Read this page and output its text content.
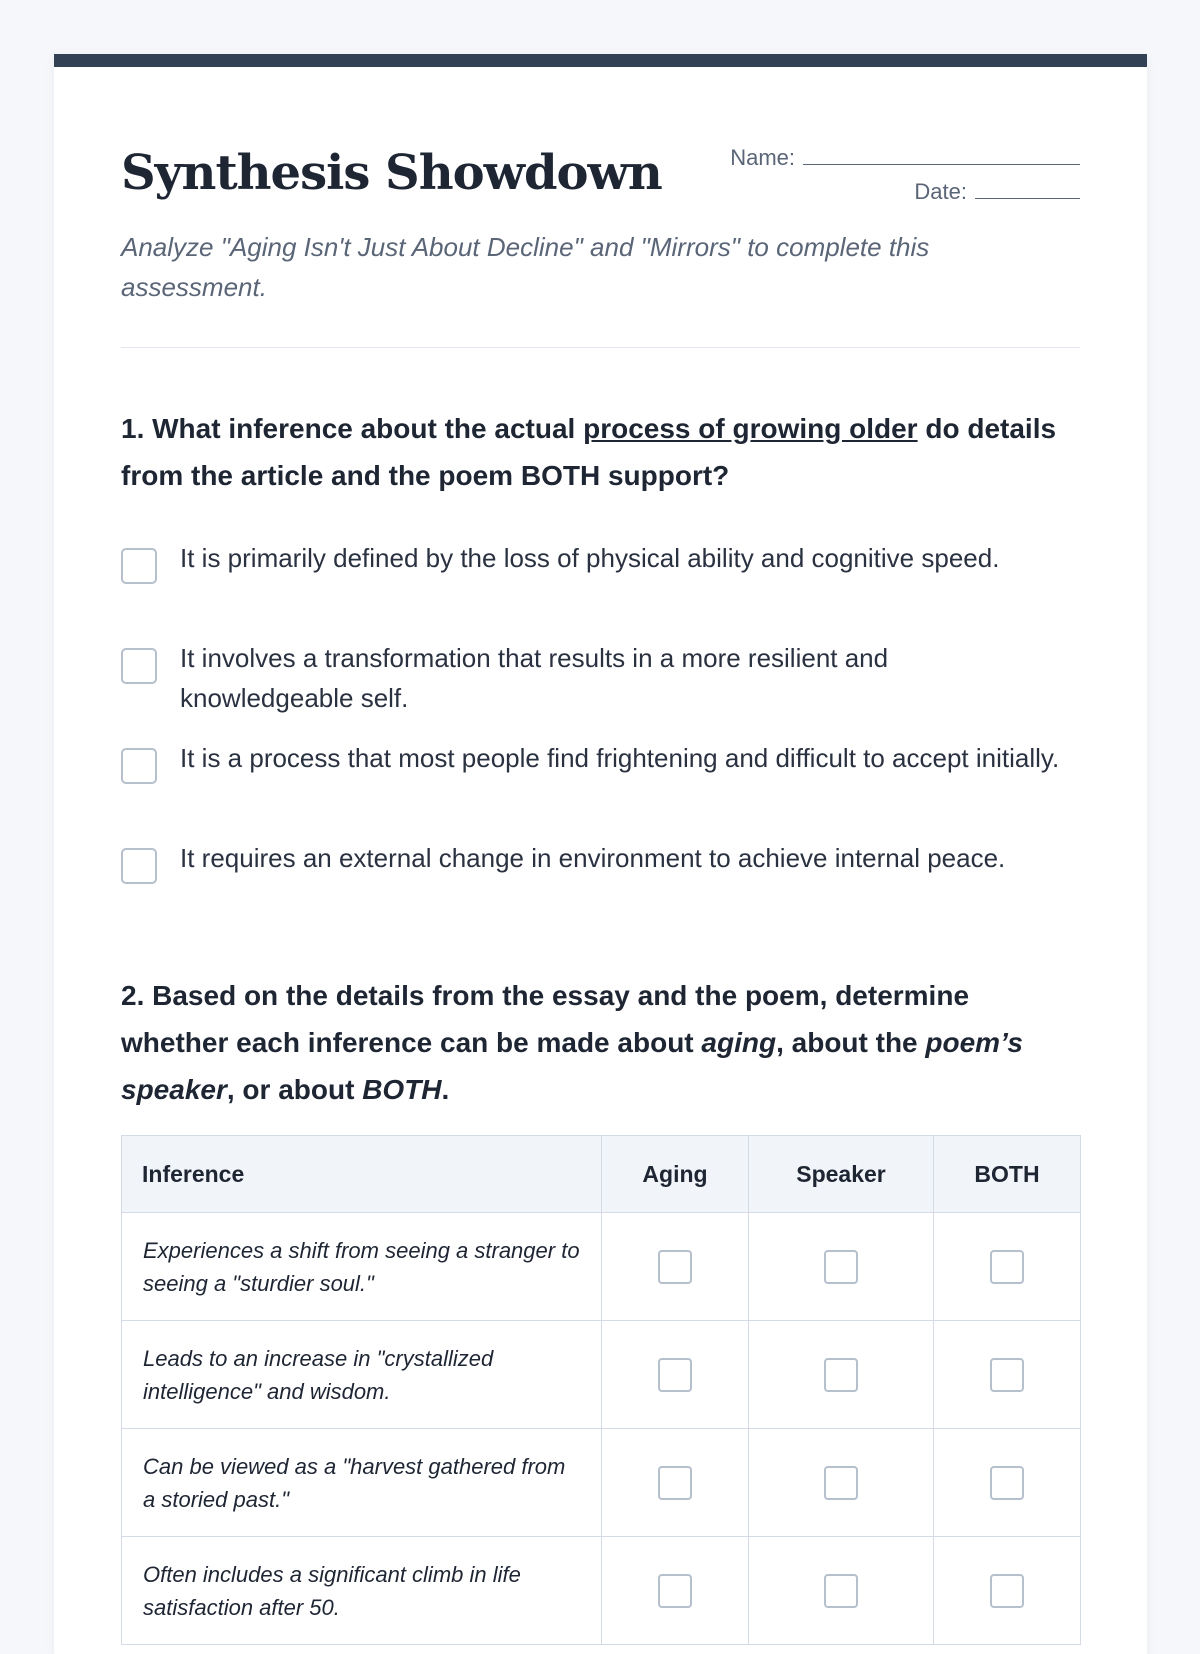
Synthesis Showdown	Name:
Date:

Analyze "Aging Isn't Just About Decline" and "Mirrors" to complete this assessment.

1. What inference about the actual process of growing older do details from the article and the poem BOTH support?

It is primarily defined by the loss of physical ability and cognitive speed.
It involves a transformation that results in a more resilient and knowledgeable self.
It is a process that most people find frightening and difficult to accept initially.
It requires an external change in environment to achieve internal peace.

2. Based on the details from the essay and the poem, determine whether each inference can be made about aging, about the poem’s speaker, or about BOTH.

Inference	Aging	Speaker	BOTH
Experiences a shift from seeing a stranger to seeing a "sturdier soul."			
Leads to an increase in "crystallized intelligence" and wisdom.			
Can be viewed as a "harvest gathered from a storied past."			
Often includes a significant climb in life satisfaction after 50.			
